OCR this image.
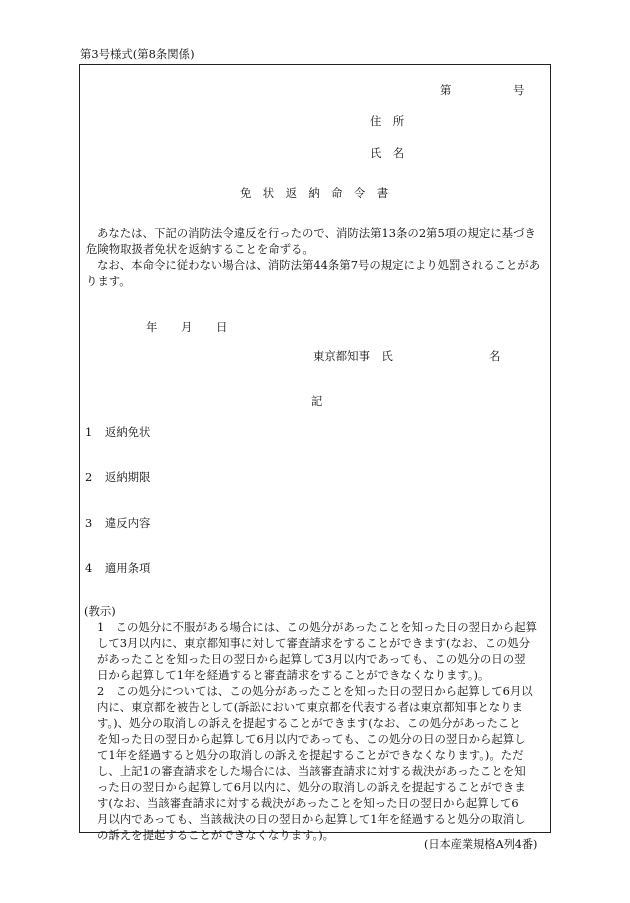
第3号様式(第8条関係)
第	号
住　所
氏　名
免　状　返　納　命　令　書
あなたは、下記の消防法令違反を行ったので、消防法第13条の2第5項の規定に基づき
危険物取扱者免状を返納することを命ずる。
なお、本命令に従わない場合は、消防法第44条第7号の規定により処罰されることがあ
ります。
年 月 日
東京都知事　氏	名
記
1 返納免状
2 返納期限
3 違反内容
4 適用条項
(教示)
1　この処分に不服がある場合には、この処分があったことを知った日の翌日から起算
して3月以内に、東京都知事に対して審査請求をすることができます(なお、この処分
があったことを知った日の翌日から起算して3月以内であっても、この処分の日の翌
日から起算して1年を経過すると審査請求をすることができなくなります。)。
2　この処分については、この処分があったことを知った日の翌日から起算して6月以
内に、東京都を被告として(訴訟において東京都を代表する者は東京都知事となりま
す。)、処分の取消しの訴えを提起することができます(なお、この処分があったこと
を知った日の翌日から起算して6月以内であっても、この処分の日の翌日から起算し
て1年を経過すると処分の取消しの訴えを提起することができなくなります。)。ただ
し、上記1の審査請求をした場合には、当該審査請求に対する裁決があったことを知
った日の翌日から起算して6月以内に、処分の取消しの訴えを提起することができま
す(なお、当該審査請求に対する裁決があったことを知った日の翌日から起算して6
月以内であっても、当該裁決の日の翌日から起算して1年を経過すると処分の取消し
の訴えを提起することができなくなります。)。
(日本産業規格A列4番)
